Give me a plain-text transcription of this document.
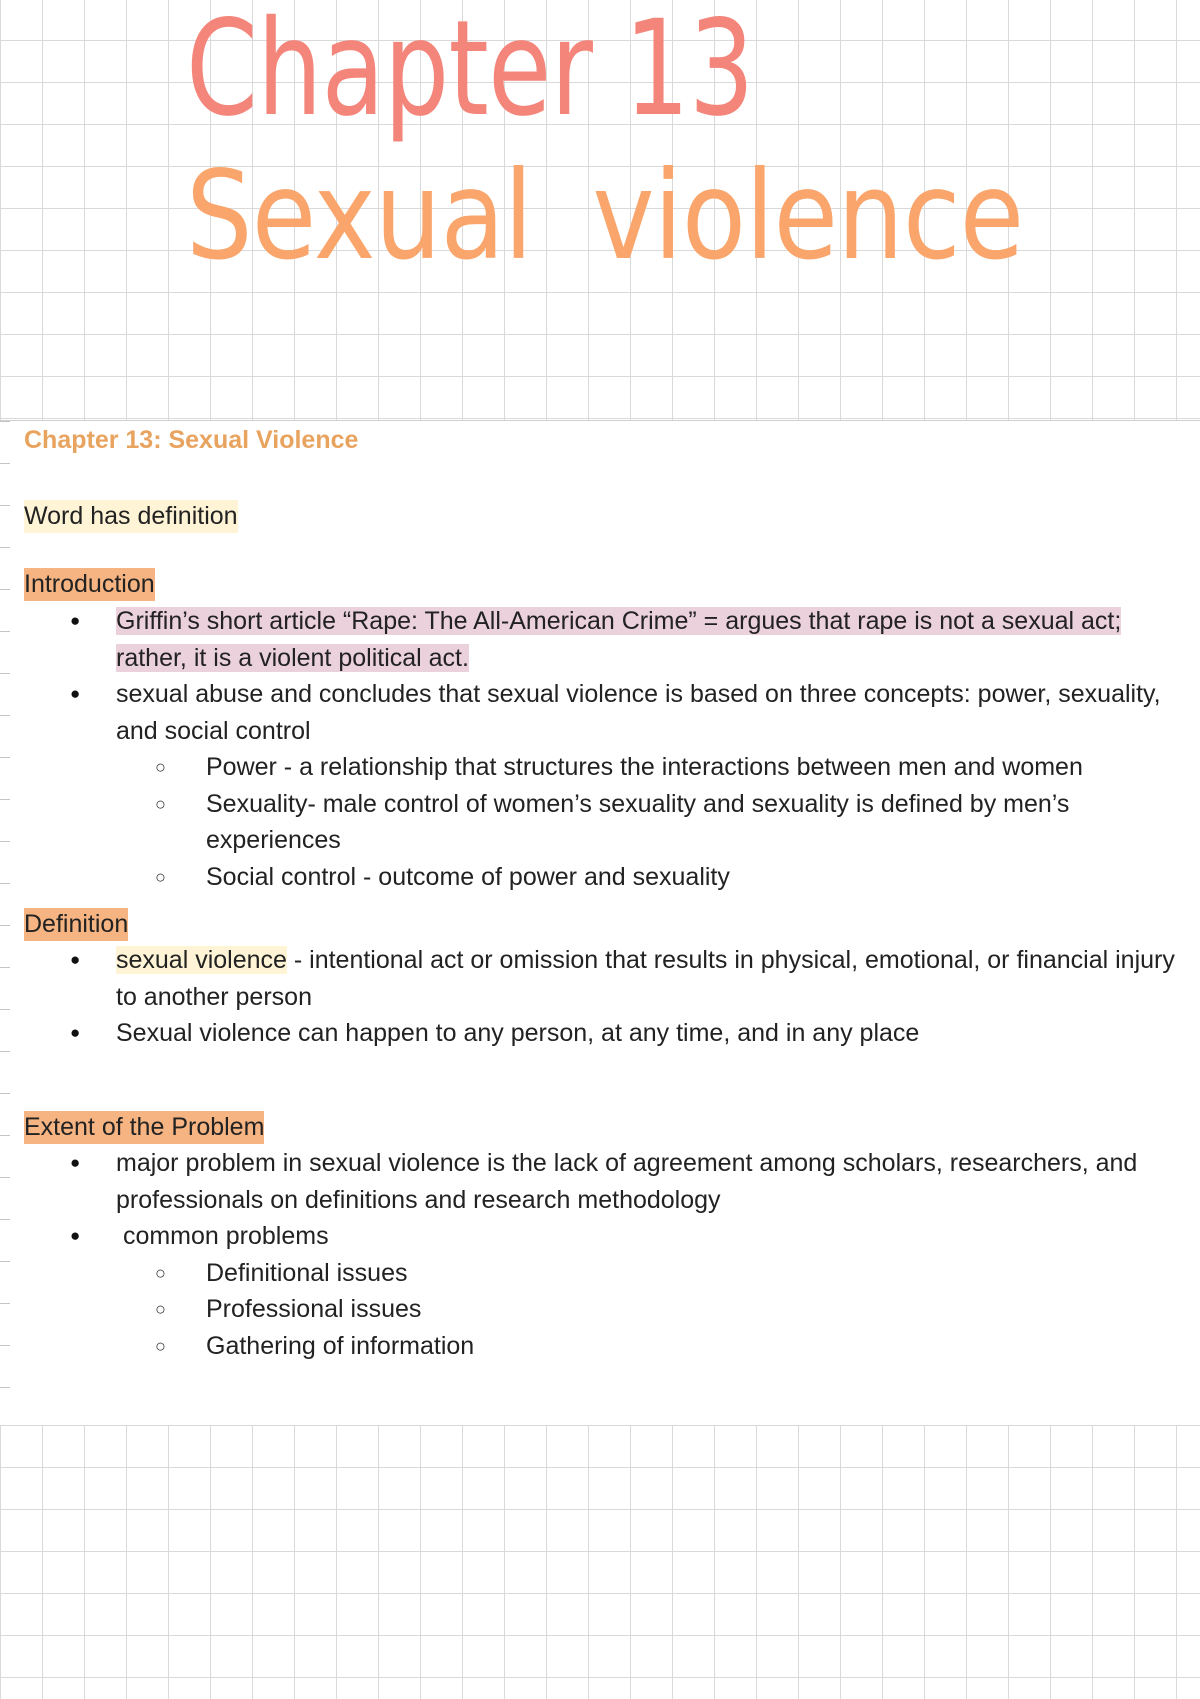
Chapter 13
Sexual violence
Chapter 13: Sexual Violence
Word has definition
Introduction
● Griffin’s short article “Rape: The All-American Crime” = argues that rape is not a sexual act; rather, it is a violent political act.
● sexual abuse and concludes that sexual violence is based on three concepts: power, sexuality, and social control
○ Power - a relationship that structures the interactions between men and women
○ Sexuality- male control of women’s sexuality and sexuality is defined by men’s experiences
○ Social control - outcome of power and sexuality
Definition
● sexual violence - intentional act or omission that results in physical, emotional, or financial injury to another person
● Sexual violence can happen to any person, at any time, and in any place
Extent of the Problem
● major problem in sexual violence is the lack of agreement among scholars, researchers, and professionals on definitions and research methodology
●  common problems
○ Definitional issues
○ Professional issues
○ Gathering of information
